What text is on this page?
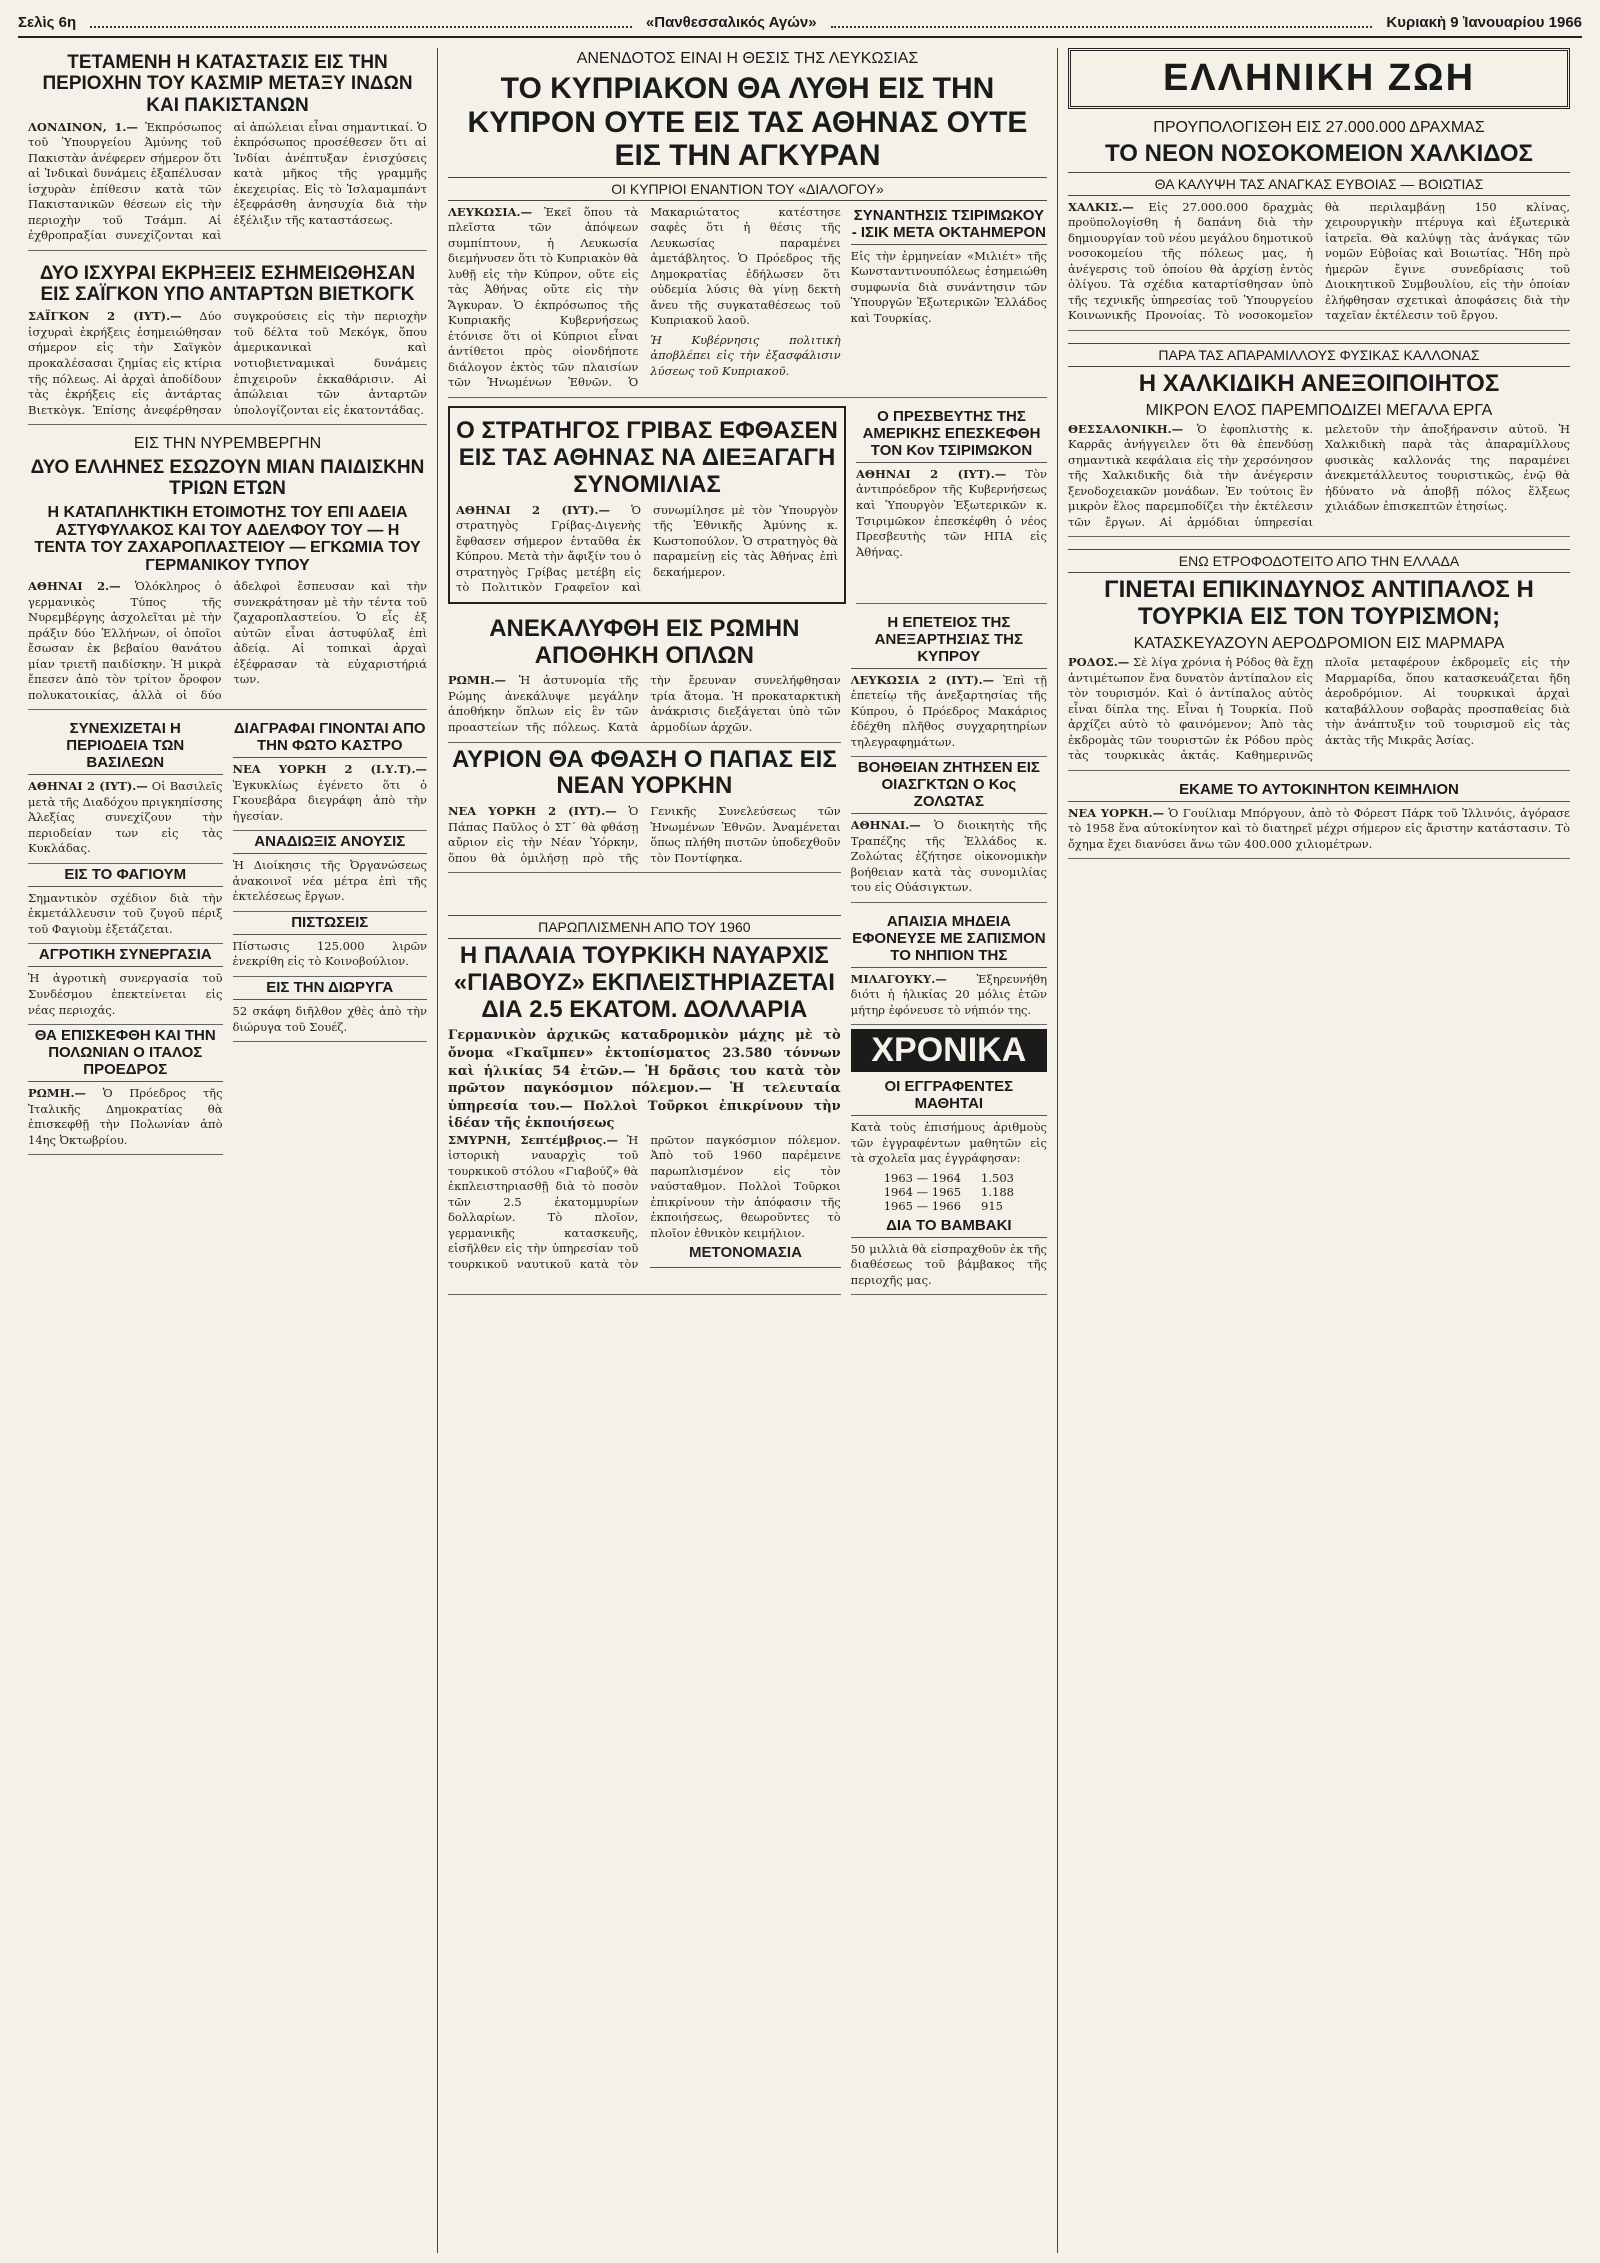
Σελὶς 6η	«Πανθεσσαλικός Αγών»	Κυριακὴ 9 Ἰανουαρίου 1966
ΤΕΤΑΜΕΝΗ Η ΚΑΤΑΣΤΑΣΙΣ ΕΙΣ ΤΗΝ ΠΕΡΙΟΧΗΝ ΤΟΥ ΚΑΣΜΙΡ ΜΕΤΑΞΥ ΙΝΔΩΝ ΚΑΙ ΠΑΚΙΣΤΑΝΩΝ
ΛΟΝΔΙΝΟΝ, 1.— Ἐκπρόσωπος τοῦ Ὑπουργείου Ἀμύνης τοῦ Πακιστὰν ἀνέφερεν σήμερον ὅτι αἱ Ἰνδικαὶ δυνάμεις ἐξαπέλυσαν ἰσχυρὰν ἐπίθεσιν κατὰ τῶν Πακιστανικῶν θέσεων εἰς τὴν περιοχὴν τοῦ Τσάμπ. Αἱ ἐχθροπραξίαι συνεχίζονται καὶ αἱ ἀπώλειαι εἶναι σημαντικαί. Ὁ ἐκπρόσωπος προσέθεσεν ὅτι αἱ Ἰνδίαι ἀνέπτυξαν ἐνισχύσεις κατὰ μῆκος τῆς γραμμῆς ἐκεχειρίας. Εἰς τὸ Ἰσλαμαμπάντ ἐξεφράσθη ἀνησυχία διὰ τὴν ἐξέλιξιν τῆς καταστάσεως.
ΔΥΟ ΙΣΧΥΡΑΙ ΕΚΡΗΞΕΙΣ ΕΣΗΜΕΙΩΘΗΣΑΝ ΕΙΣ ΣΑΪΓΚΟΝ ΥΠΟ ΑΝΤΑΡΤΩΝ ΒΙΕΤΚΟΓΚ
ΣΑΪΓΚΟΝ 2 (ΙΥΤ).— Δύο ἰσχυραὶ ἐκρήξεις ἐσημειώθησαν σήμερον εἰς τὴν Σαϊγκὸν προκαλέσασαι ζημίας εἰς κτίρια τῆς πόλεως. Αἱ ἀρχαὶ ἀποδίδουν τὰς ἐκρήξεις εἰς ἀντάρτας Βιετκὸγκ. Ἐπίσης ἀνεφέρθησαν συγκρούσεις εἰς τὴν περιοχὴν τοῦ δέλτα τοῦ Μεκόγκ, ὅπου ἀμερικανικαὶ καὶ νοτιοβιετναμικαὶ δυνάμεις ἐπιχειροῦν ἐκκαθάρισιν. Αἱ ἀπώλειαι τῶν ἀνταρτῶν ὑπολογίζονται εἰς ἑκατοντάδας.
ΕΙΣ ΤΗΝ ΝΥΡΕΜΒΕΡΓΗΝ
ΔΥΟ ΕΛΛΗΝΕΣ ΕΣΩΖΟΥΝ ΜΙΑΝ ΠΑΙΔΙΣΚΗΝ ΤΡΙΩΝ ΕΤΩΝ
Η ΚΑΤΑΠΛΗΚΤΙΚΗ ΕΤΟΙΜΟΤΗΣ ΤΟΥ ΕΠΙ ΑΔΕΙΑ ΑΣΤΥΦΥΛΑΚΟΣ ΚΑΙ ΤΟΥ ΑΔΕΛΦΟΥ ΤΟΥ — Η ΤΕΝΤΑ ΤΟΥ ΖΑΧΑΡΟΠΛΑΣΤΕΙΟΥ — ΕΓΚΩΜΙΑ ΤΟΥ ΓΕΡΜΑΝΙΚΟΥ ΤΥΠΟΥ
ΑΘΗΝΑΙ 2.— Ὁλόκληρος ὁ γερμανικὸς Τύπος τῆς Νυρεμβέργης ἀσχολεῖται μὲ τὴν πράξιν δύο Ἑλλήνων, οἱ ὁποῖοι ἔσωσαν ἐκ βεβαίου θανάτου μίαν τριετῆ παιδίσκην. Ἡ μικρὰ ἔπεσεν ἀπὸ τὸν τρίτον ὄροφον πολυκατοικίας, ἀλλὰ οἱ δύο ἀδελφοὶ ἔσπευσαν καὶ τὴν συνεκράτησαν μὲ τὴν τέντα τοῦ ζαχαροπλαστείου. Ὁ εἷς ἐξ αὐτῶν εἶναι ἀστυφύλαξ ἐπὶ ἀδείᾳ. Αἱ τοπικαὶ ἀρχαὶ ἐξέφρασαν τὰ εὐχαριστήριά των.
ΣΥΝΕΧΙΖΕΤΑΙ Η ΠΕΡΙΟΔΕΙΑ ΤΩΝ ΒΑΣΙΛΕΩΝ
ΑΘΗΝΑΙ 2 (ΙΥΤ).— Οἱ Βασιλεῖς μετὰ τῆς Διαδόχου πριγκηπίσσης Ἀλεξίας συνεχίζουν τὴν περιοδείαν των εἰς τὰς Κυκλάδας.
ΕΙΣ ΤΟ ΦΑΓΙΟΥΜ
Σημαντικὸν σχέδιον διὰ τὴν ἐκμετάλλευσιν τοῦ ζυγοῦ πέριξ τοῦ Φαγιοὺμ ἐξετάζεται.
ΑΓΡΟΤΙΚΗ ΣΥΝΕΡΓΑΣΙΑ
Ἡ ἀγροτικὴ συνεργασία τοῦ Συνδέσμου ἐπεκτείνεται εἰς νέας περιοχάς.
ΘΑ ΕΠΙΣΚΕΦΘΗ ΚΑΙ ΤΗΝ ΠΟΛΩΝΙΑΝ Ο ΙΤΑΛΟΣ ΠΡΟΕΔΡΟΣ
ΡΩΜΗ.— Ὁ Πρόεδρος τῆς Ἰταλικῆς Δημοκρατίας θὰ ἐπισκεφθῇ τὴν Πολωνίαν ἀπὸ 14ης Ὀκτωβρίου.
ΔΙΑΓΡΑΦΑΙ ΓΙΝΟΝΤΑΙ ΑΠΟ ΤΗΝ ΦΩΤΟ ΚΑΣΤΡΟ
ΝΕΑ ΥΟΡΚΗ 2 (Ι.Υ.Τ).— Ἐγκυκλίως ἐγένετο ὅτι ὁ Γκουεβάρα διεγράφη ἀπὸ τὴν ἡγεσίαν.
ΑΝΑΔΙΩΞΙΣ ΑΝΟΥΣΙΣ
Ἡ Διοίκησις τῆς Ὀργανώσεως ἀνακοινοῖ νέα μέτρα ἐπὶ τῆς ἐκτελέσεως ἔργων.
ΠΙΣΤΩΣΕΙΣ
Πίστωσις 125.000 λιρῶν ἐνεκρίθη εἰς τὸ Κοινοβούλιον.
ΕΙΣ ΤΗΝ ΔΙΩΡΥΓΑ
52 σκάφη διῆλθον χθὲς ἀπὸ τὴν διώρυγα τοῦ Σουέζ.
ΑΝΕΝΔΟΤΟΣ ΕΙΝΑΙ Η ΘΕΣΙΣ ΤΗΣ ΛΕΥΚΩΣΙΑΣ
ΤΟ ΚΥΠΡΙΑΚΟΝ ΘΑ ΛΥΘΗ ΕΙΣ ΤΗΝ ΚΥΠΡΟΝ ΟΥΤΕ ΕΙΣ ΤΑΣ ΑΘΗΝΑΣ ΟΥΤΕ ΕΙΣ ΤΗΝ ΑΓΚΥΡΑΝ
ΟΙ ΚΥΠΡΙΟΙ ΕΝΑΝΤΙΟΝ ΤΟΥ «ΔΙΑΛΟΓΟΥ»
ΛΕΥΚΩΣΙΑ.— Ἐκεῖ ὅπου τὰ πλεῖστα τῶν ἀπόψεων συμπίπτουν, ἡ Λευκωσία διεμήνυσεν ὅτι τὸ Κυπριακὸν θὰ λυθῇ εἰς τὴν Κύπρον, οὔτε εἰς τὰς Ἀθήνας οὔτε εἰς τὴν Ἄγκυραν. Ὁ ἐκπρόσωπος τῆς Κυπριακῆς Κυβερνήσεως ἐτόνισε ὅτι οἱ Κύπριοι εἶναι ἀντίθετοι πρὸς οἱονδήποτε διάλογον ἐκτὸς τῶν πλαισίων τῶν Ἡνωμένων Ἐθνῶν. Ὁ Μακαριώτατος κατέστησε σαφὲς ὅτι ἡ θέσις τῆς Λευκωσίας παραμένει ἀμετάβλητος. Ὁ Πρόεδρος τῆς Δημοκρατίας ἐδήλωσεν ὅτι οὐδεμία λύσις θὰ γίνῃ δεκτὴ ἄνευ τῆς συγκαταθέσεως τοῦ Κυπριακοῦ λαοῦ.
Ἡ Κυβέρνησις πολιτικὴ ἀποβλέπει εἰς τὴν ἐξασφάλισιν λύσεως τοῦ Κυπριακοῦ.
ΣΥΝΑΝΤΗΣΙΣ ΤΣΙΡΙΜΩΚΟΥ - ΙΣΙΚ ΜΕΤΑ ΟΚΤΑΗΜΕΡΟΝ
Εἰς τὴν ἑρμηνείαν «Μιλιέτ» τῆς Κωνσταντινουπόλεως ἐσημειώθη συμφωνία διὰ συνάντησιν τῶν Ὑπουργῶν Ἐξωτερικῶν Ἑλλάδος καὶ Τουρκίας.
Ο ΣΤΡΑΤΗΓΟΣ ΓΡΙΒΑΣ ΕΦΘΑΣΕΝ ΕΙΣ ΤΑΣ ΑΘΗΝΑΣ ΝΑ ΔΙΕΞΑΓΑΓΗ ΣΥΝΟΜΙΛΙΑΣ
ΑΘΗΝΑΙ 2 (ΙΥΤ).— Ὁ στρατηγὸς Γρίβας-Διγενὴς ἔφθασεν σήμερον ἐνταῦθα ἐκ Κύπρου. Μετὰ τὴν ἄφιξίν του ὁ στρατηγὸς Γρίβας μετέβη εἰς τὸ Πολιτικὸν Γραφεῖον καὶ συνωμίλησε μὲ τὸν Ὑπουργὸν τῆς Ἐθνικῆς Ἀμύνης κ. Κωστοπούλον. Ὁ στρατηγὸς θὰ παραμείνῃ εἰς τὰς Ἀθήνας ἐπὶ δεκαήμερον.
Ο ΠΡΕΣΒΕΥΤΗΣ ΤΗΣ ΑΜΕΡΙΚΗΣ ΕΠΕΣΚΕΦΘΗ ΤΟΝ Κον ΤΣΙΡΙΜΩΚΟΝ
ΑΘΗΝΑΙ 2 (ΙΥΤ).— Τὸν ἀντιπρόεδρον τῆς Κυβερνήσεως καὶ Ὑπουργὸν Ἐξωτερικῶν κ. Τσιριμῶκον ἐπεσκέφθη ὁ νέος Πρεσβευτὴς τῶν ΗΠΑ εἰς Ἀθήνας.
ΑΝΕΚΑΛΥΦΘΗ ΕΙΣ ΡΩΜΗΝ ΑΠΟΘΗΚΗ ΟΠΛΩΝ
ΡΩΜΗ.— Ἡ ἀστυνομία τῆς Ρώμης ἀνεκάλυψε μεγάλην ἀποθήκην ὅπλων εἰς ἓν τῶν προαστείων τῆς πόλεως. Κατὰ τὴν ἔρευναν συνελήφθησαν τρία ἄτομα. Ἡ προκαταρκτικὴ ἀνάκρισις διεξάγεται ὑπὸ τῶν ἀρμοδίων ἀρχῶν.
ΑΥΡΙΟΝ ΘΑ ΦΘΑΣΗ Ο ΠΑΠΑΣ ΕΙΣ ΝΕΑΝ ΥΟΡΚΗΝ
ΝΕΑ ΥΟΡΚΗ 2 (ΙΥΤ).— Ὁ Πάπας Παῦλος ὁ ΣΤ΄ θὰ φθάσῃ αὔριον εἰς τὴν Νέαν Ὑόρκην, ὅπου θὰ ὁμιλήσῃ πρὸ τῆς Γενικῆς Συνελεύσεως τῶν Ἡνωμένων Ἐθνῶν. Ἀναμένεται ὅπως πλήθη πιστῶν ὑποδεχθοῦν τὸν Ποντίφηκα.
Η ΕΠΕΤΕΙΟΣ ΤΗΣ ΑΝΕΞΑΡΤΗΣΙΑΣ ΤΗΣ ΚΥΠΡΟΥ
ΛΕΥΚΩΣΙΑ 2 (ΙΥΤ).— Ἐπὶ τῇ ἐπετείῳ τῆς ἀνεξαρτησίας τῆς Κύπρου, ὁ Πρόεδρος Μακάριος ἐδέχθη πλῆθος συγχαρητηρίων τηλεγραφημάτων.
ΒΟΗΘΕΙΑΝ ΖΗΤΗΣΕΝ ΕΙΣ ΟΙΑΣΓΚΤΩΝ Ο Κος ΖΟΛΩΤΑΣ
ΑΘΗΝΑΙ.— Ὁ διοικητὴς τῆς Τραπέζης τῆς Ἑλλάδος κ. Ζολώτας ἐζήτησε οἰκονομικὴν βοήθειαν κατὰ τὰς συνομιλίας του εἰς Οὐάσιγκτων.
ΠΑΡΩΠΛΙΣΜΕΝΗ ΑΠΟ ΤΟΥ 1960
Η ΠΑΛΑΙΑ ΤΟΥΡΚΙΚΗ ΝΑΥΑΡΧΙΣ «ΓΙΑΒΟΥΖ» ΕΚΠΛΕΙΣΤΗΡΙΑΖΕΤΑΙ ΔΙΑ 2.5 ΕΚΑΤΟΜ. ΔΟΛΛΑΡΙΑ
Γερμανικὸν ἀρχικῶς καταδρομικὸν μάχης μὲ τὸ ὄνομα «Γκαῖμπεν» ἐκτοπίσματος 23.580 τόννων καὶ ἡλικίας 54 ἐτῶν.— Ἡ δρᾶσις του κατὰ τὸν πρῶτον παγκόσμιον πόλεμον.— Ἡ τελευταία ὑπηρεσία του.— Πολλοὶ Τοῦρκοι ἐπικρίνουν τὴν ἰδέαν τῆς ἐκποιήσεως
ΣΜΥΡΝΗ, Σεπτέμβριος.— Ἡ ἱστορικὴ ναυαρχὶς τοῦ τουρκικοῦ στόλου «Γιαβούζ» θὰ ἐκπλειστηριασθῇ διὰ τὸ ποσὸν τῶν 2.5 ἑκατομμυρίων δολλαρίων. Τὸ πλοῖον, γερμανικῆς κατασκευῆς, εἰσῆλθεν εἰς τὴν ὑπηρεσίαν τοῦ τουρκικοῦ ναυτικοῦ κατὰ τὸν πρῶτον παγκόσμιον πόλεμον. Ἀπὸ τοῦ 1960 παρέμεινε παρωπλισμένον εἰς τὸν ναύσταθμον. Πολλοὶ Τοῦρκοι ἐπικρίνουν τὴν ἀπόφασιν τῆς ἐκποιήσεως, θεωροῦντες τὸ πλοῖον ἐθνικὸν κειμήλιον.
ΜΕΤΟΝΟΜΑΣΙΑ
ΑΠΑΙΣΙΑ ΜΗΔΕΙΑ ΕΦΟΝΕΥΣΕ ΜΕ ΣΑΠΙΣΜΟΝ ΤΟ ΝΗΠΙΟΝ ΤΗΣ
ΜΙΛΑΓΟΥΚΥ.—	Ἐξηρευνήθη διότι ἡ ἡλικίας 20 μόλις ἐτῶν μήτηρ ἐφόνευσε τὸ νήπιόν της.
ΧΡΟΝΙΚΑ
ΟΙ ΕΓΓΡΑΦΕΝΤΕΣ ΜΑΘΗΤΑΙ
Κατὰ τοὺς ἐπισήμους ἀριθμοὺς τῶν ἐγγραφέντων μαθητῶν εἰς τὰ σχολεῖα μας ἐγγράφησαν:
1963 — 1964	1.503
1964 — 1965	1.188
1965 — 1966	915
ΔΙΑ ΤΟ ΒΑΜΒΑΚΙ
50 μιλλιὰ θὰ εἰσπραχθοῦν ἐκ τῆς διαθέσεως τοῦ βάμβακος τῆς περιοχῆς μας.
ΕΛΛΗΝΙΚΗ ΖΩΗ
ΠΡΟΥΠΟΛΟΓΙΣΘΗ ΕΙΣ 27.000.000 ΔΡΑΧΜΑΣ
ΤΟ ΝΕΟΝ ΝΟΣΟΚΟΜΕΙΟΝ ΧΑΛΚΙΔΟΣ
ΘΑ ΚΑΛΥΨΗ ΤΑΣ ΑΝΑΓΚΑΣ ΕΥΒΟΙΑΣ — ΒΟΙΩΤΙΑΣ
ΧΑΛΚΙΣ.— Εἰς 27.000.000 δραχμὰς προϋπολογίσθη ἡ δαπάνη διὰ τὴν δημιουργίαν τοῦ νέου μεγάλου δημοτικοῦ νοσοκομείου τῆς πόλεως μας, ἡ ἀνέγερσις τοῦ ὁποίου θὰ ἀρχίσῃ ἐντὸς ὀλίγου. Τὰ σχέδια καταρτίσθησαν ὑπὸ τῆς τεχνικῆς ὑπηρεσίας τοῦ Ὑπουργείου Κοινωνικῆς Προνοίας. Τὸ νοσοκομεῖον θὰ περιλαμβάνῃ 150 κλίνας, χειρουργικὴν πτέρυγα καὶ ἐξωτερικὰ ἰατρεῖα. Θὰ καλύψῃ τὰς ἀνάγκας τῶν νομῶν Εὐβοίας καὶ Βοιωτίας. Ἤδη πρὸ ἡμερῶν ἔγινε συνεδρίασις τοῦ Διοικητικοῦ Συμβουλίου, εἰς τὴν ὁποίαν ἐλήφθησαν σχετικαὶ ἀποφάσεις διὰ τὴν ταχεῖαν ἐκτέλεσιν τοῦ ἔργου.
ΠΑΡΑ ΤΑΣ ΑΠΑΡΑΜΙΛΛΟΥΣ ΦΥΣΙΚΑΣ ΚΑΛΛΟΝΑΣ
Η ΧΑΛΚΙΔΙΚΗ ΑΝΕΞΟΙΠΟΙΗΤΟΣ
ΜΙΚΡΟΝ ΕΛΟΣ ΠΑΡΕΜΠΟΔΙΖΕΙ ΜΕΓΑΛΑ ΕΡΓΑ
ΘΕΣΣΑΛΟΝΙΚΗ.— Ὁ ἐφοπλιστὴς κ. Καρρᾶς ἀνήγγειλεν ὅτι θὰ ἐπενδύσῃ σημαντικὰ κεφάλαια εἰς τὴν χερσόνησον τῆς Χαλκιδικῆς διὰ τὴν ἀνέγερσιν ξενοδοχειακῶν μονάδων. Ἐν τούτοις ἓν μικρὸν ἕλος παρεμποδίζει τὴν ἐκτέλεσιν τῶν ἔργων. Αἱ ἀρμόδιαι ὑπηρεσίαι μελετοῦν τὴν ἀποξήρανσιν αὐτοῦ. Ἡ Χαλκιδικὴ παρὰ τὰς ἀπαραμίλλους φυσικὰς καλλονάς της παραμένει ἀνεκμετάλλευτος τουριστικῶς, ἐνῷ θὰ ἠδύνατο νὰ ἀποβῇ πόλος ἕλξεως χιλιάδων ἐπισκεπτῶν ἐτησίως.
ΕΝΩ ΕΤΡΟΦΟΔΟΤΕΙΤΟ ΑΠΟ ΤΗΝ ΕΛΛΑΔΑ
ΓΙΝΕΤΑΙ ΕΠΙΚΙΝΔΥΝΟΣ ΑΝΤΙΠΑΛΟΣ Η ΤΟΥΡΚΙΑ ΕΙΣ ΤΟΝ ΤΟΥΡΙΣΜΟΝ;
ΚΑΤΑΣΚΕΥΑΖΟΥΝ ΑΕΡΟΔΡΟΜΙΟΝ ΕΙΣ ΜΑΡΜΑΡΑ
ΡΟΔΟΣ.— Σὲ λίγα χρόνια ἡ Ρόδος θὰ ἔχῃ ἀντιμέτωπον ἕνα δυνατὸν ἀντίπαλον εἰς τὸν τουρισμόν. Καὶ ὁ ἀντίπαλος αὐτὸς εἶναι δίπλα της. Εἶναι ἡ Τουρκία. Ποῦ ἀρχίζει αὐτὸ τὸ φαινόμενον; Ἀπὸ τὰς ἐκδρομὰς τῶν τουριστῶν ἐκ Ρόδου πρὸς τὰς τουρκικὰς ἀκτάς. Καθημερινῶς πλοῖα μεταφέρουν ἐκδρομεῖς εἰς τὴν Μαρμαρίδα, ὅπου κατασκευάζεται ἤδη ἀεροδρόμιον. Αἱ τουρκικαὶ ἀρχαὶ καταβάλλουν σοβαρὰς προσπαθείας διὰ τὴν ἀνάπτυξιν τοῦ τουρισμοῦ εἰς τὰς ἀκτὰς τῆς Μικρᾶς Ἀσίας.
ΕΚΑΜΕ ΤΟ ΑΥΤΟΚΙΝΗΤΟΝ ΚΕΙΜΗΛΙΟΝ
ΝΕΑ ΥΟΡΚΗ.— Ὁ Γουίλιαμ Μπόργουν, ἀπὸ τὸ Φόρεστ Πάρκ τοῦ Ἰλλινόις, ἀγόρασε τὸ 1958 ἕνα αὐτοκίνητον καὶ τὸ διατηρεῖ μέχρι σήμερον εἰς ἄριστην κατάστασιν. Τὸ ὄχημα ἔχει διανύσει ἄνω τῶν 400.000 χιλιομέτρων.
